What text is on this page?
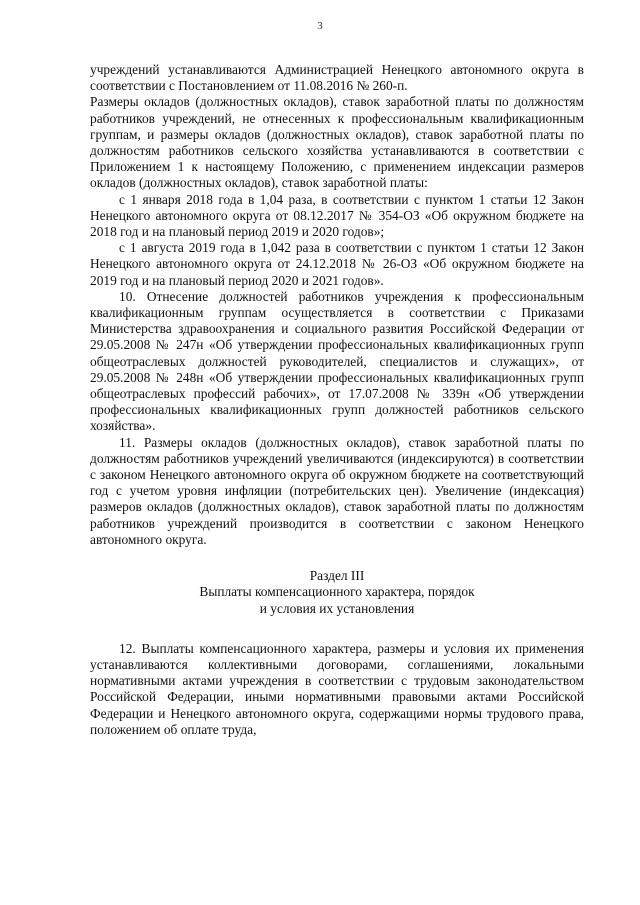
3

учреждений устанавливаются Администрацией Ненецкого автономного округа в соответствии с Постановлением от 11.08.2016 № 260-п.

Размеры окладов (должностных окладов), ставок заработной платы по должностям работников учреждений, не отнесенных к профессиональным квалификационным группам, и размеры окладов (должностных окладов), ставок заработной платы по должностям работников сельского хозяйства устанавливаются в соответствии с Приложением 1 к настоящему Положению, с применением индексации размеров окладов (должностных окладов), ставок заработной платы:

с 1 января 2018 года в 1,04 раза, в соответствии с пунктом 1 статьи 12 Закон Ненецкого автономного округа от 08.12.2017 № 354-ОЗ «Об окружном бюджете на 2018 год и на плановый период 2019 и 2020 годов»;

с 1 августа 2019 года в 1,042 раза в соответствии с пунктом 1 статьи 12 Закон Ненецкого автономного округа от 24.12.2018 № 26-ОЗ «Об окружном бюджете на 2019 год и на плановый период 2020 и 2021 годов».

10. Отнесение должностей работников учреждения к профессиональным квалификационным группам осуществляется в соответствии с Приказами Министерства здравоохранения и социального развития Российской Федерации от 29.05.2008 № 247н «Об утверждении профессиональных квалификационных групп общеотраслевых должностей руководителей, специалистов и служащих», от 29.05.2008 № 248н «Об утверждении профессиональных квалификационных групп общеотраслевых профессий рабочих», от 17.07.2008 № 339н «Об утверждении профессиональных квалификационных групп должностей работников сельского хозяйства».

11. Размеры окладов (должностных окладов), ставок заработной платы по должностям работников учреждений увеличиваются (индексируются) в соответствии с законом Ненецкого автономного округа об окружном бюджете на соответствующий год с учетом уровня инфляции (потребительских цен). Увеличение (индексация) размеров окладов (должностных окладов), ставок заработной платы по должностям работников учреждений производится в соответствии с законом Ненецкого автономного округа.

Раздел III

Выплаты компенсационного характера, порядок

и условия их установления

12. Выплаты компенсационного характера, размеры и условия их применения устанавливаются коллективными договорами, соглашениями, локальными нормативными актами учреждения в соответствии с трудовым законодательством Российской Федерации, иными нормативными правовыми актами Российской Федерации и Ненецкого автономного округа, содержащими нормы трудового права, положением об оплате труда,
